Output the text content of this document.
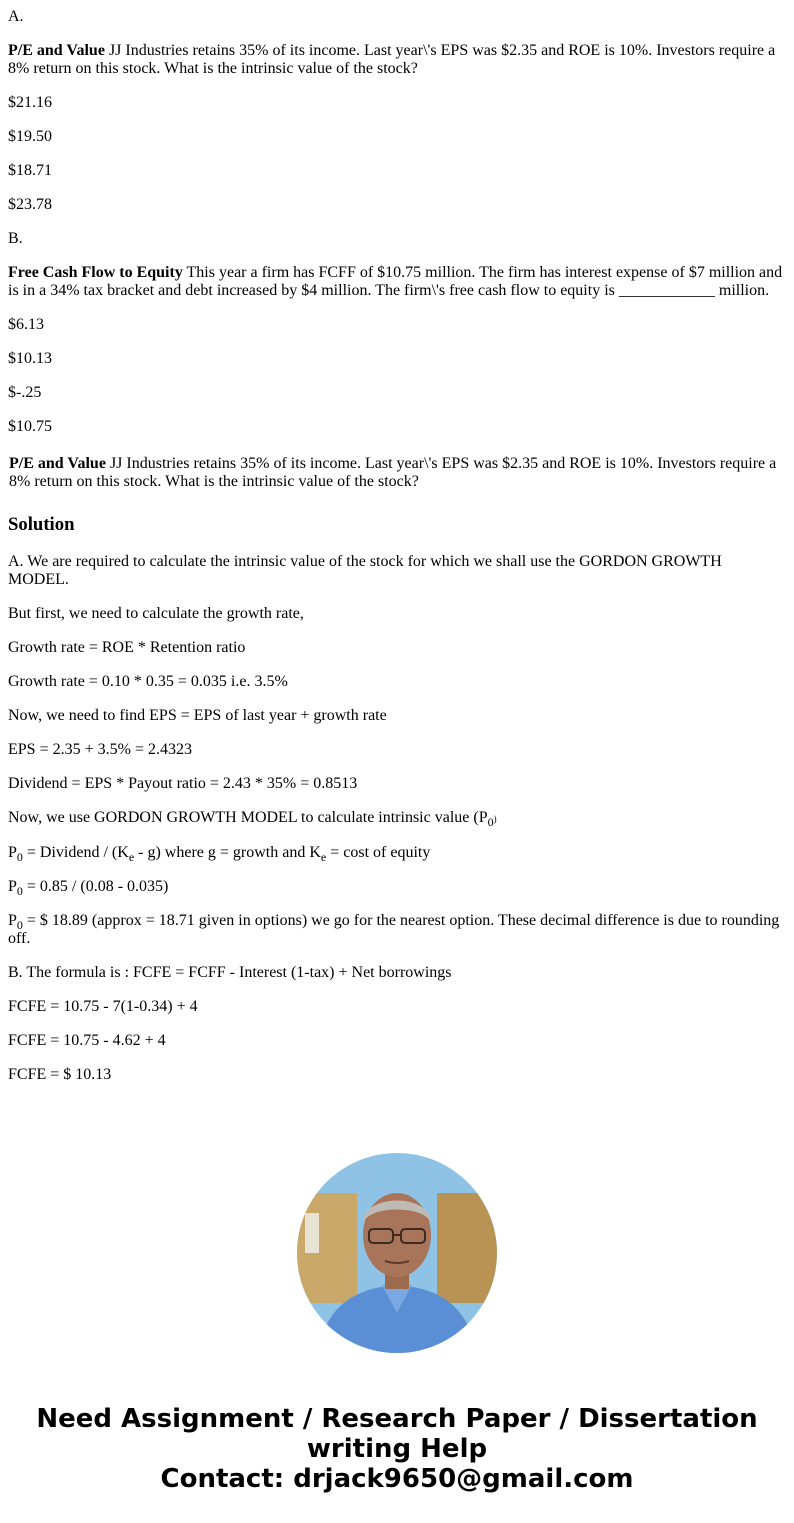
A.

P/E and Value JJ Industries retains 35% of its income. Last year\'s EPS was $2.35 and ROE is 10%. Investors require a 8% return on this stock. What is the intrinsic value of the stock?

$21.16

$19.50

$18.71

$23.78

B.

Free Cash Flow to Equity This year a firm has FCFF of $10.75 million. The firm has interest expense of $7 million and is in a 34% tax bracket and debt increased by $4 million. The firm\'s free cash flow to equity is ____________ million.

$6.13

$10.13

$-.25

$10.75

P/E and Value JJ Industries retains 35% of its income. Last year\'s EPS was $2.35 and ROE is 10%. Investors require a 8% return on this stock. What is the intrinsic value of the stock?
Solution

A. We are required to calculate the intrinsic value of the stock for which we shall use the GORDON GROWTH MODEL.

But first, we need to calculate the growth rate,

Growth rate = ROE * Retention ratio

Growth rate = 0.10 * 0.35 = 0.035 i.e. 3.5%

Now, we need to find EPS = EPS of last year + growth rate

EPS = 2.35 + 3.5% = 2.4323

Dividend = EPS * Payout ratio = 2.43 * 35% = 0.8513

Now, we use GORDON GROWTH MODEL to calculate intrinsic value $(P_0)$

$P_0$ = Dividend / $(K_e - g)$ where g = growth and $K_e = \cos t$ of equity

$P_0 = 0.85 / (0.08 - 0.035)$

$P_0$ = $ 18.89 (approx = 18.71 given in options) we go for the nearest option. These decimal difference is due to rounding off.

B. The formula is : FCFE = FCFF - Interest (1-tax) + Net borrowings

FCFE = 10.75 - 7(1-0.34) + 4

FCFE = 10.75 - 4.62 + 4

FCFE = $ 10.13

Need Assignment / Research Paper / Dissertation
writing Help
Contact: drjack9650@gmail.com
